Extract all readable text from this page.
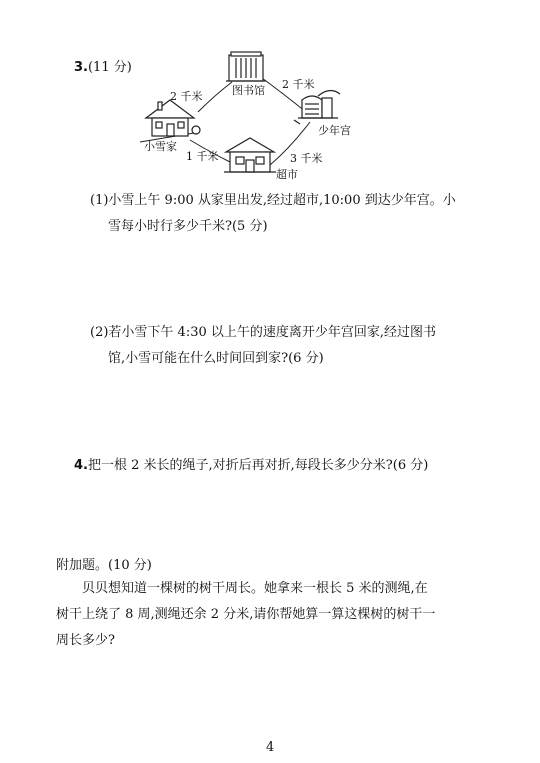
3.(11 分)
图书馆 2 千米
2 千米
小雪家
1 千米
少年宫
3 千米
超市
(1)小雪上午 9:00 从家里出发,经过超市,10:00 到达少年宫。小
雪每小时行多少千米?(5 分)
(2)若小雪下午 4:30 以上午的速度离开少年宫回家,经过图书
馆,小雪可能在什么时间回到家?(6 分)
4.把一根 2 米长的绳子,对折后再对折,每段长多少分米?(6 分)
附加题。(10 分)
贝贝想知道一棵树的树干周长。她拿来一根长 5 米的测绳,在
树干上绕了 8 周,测绳还余 2 分米,请你帮她算一算这棵树的树干一
周长多少?
4
